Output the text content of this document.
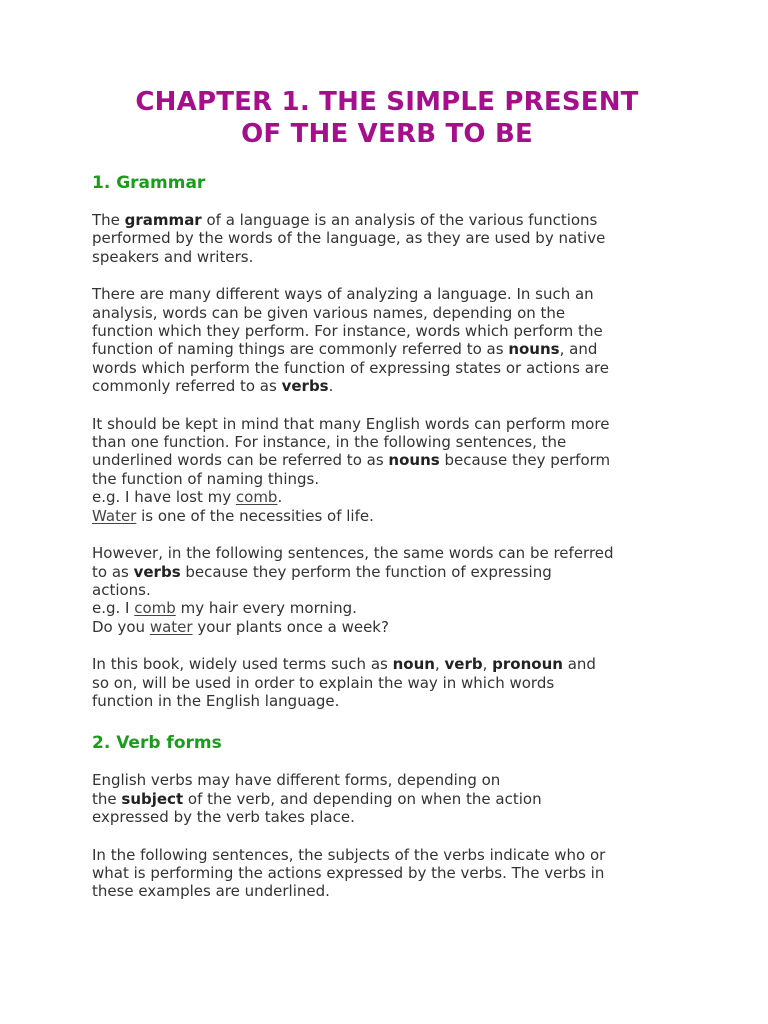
CHAPTER 1. THE SIMPLE PRESENT
OF THE VERB TO BE
1. Grammar

The grammar of a language is an analysis of the various functions
performed by the words of the language, as they are used by native
speakers and writers.

There are many different ways of analyzing a language. In such an
analysis, words can be given various names, depending on the
function which they perform. For instance, words which perform the
function of naming things are commonly referred to as nouns, and
words which perform the function of expressing states or actions are
commonly referred to as verbs.

It should be kept in mind that many English words can perform more
than one function. For instance, in the following sentences, the
underlined words can be referred to as nouns because they perform
the function of naming things.
e.g. I have lost my comb.
Water is one of the necessities of life.

However, in the following sentences, the same words can be referred
to as verbs because they perform the function of expressing
actions.
e.g. I comb my hair every morning.
Do you water your plants once a week?

In this book, widely used terms such as noun, verb, pronoun and
so on, will be used in order to explain the way in which words
function in the English language.

2. Verb forms

English verbs may have different forms, depending on
the subject of the verb, and depending on when the action
expressed by the verb takes place.

In the following sentences, the subjects of the verbs indicate who or
what is performing the actions expressed by the verbs. The verbs in
these examples are underlined.
